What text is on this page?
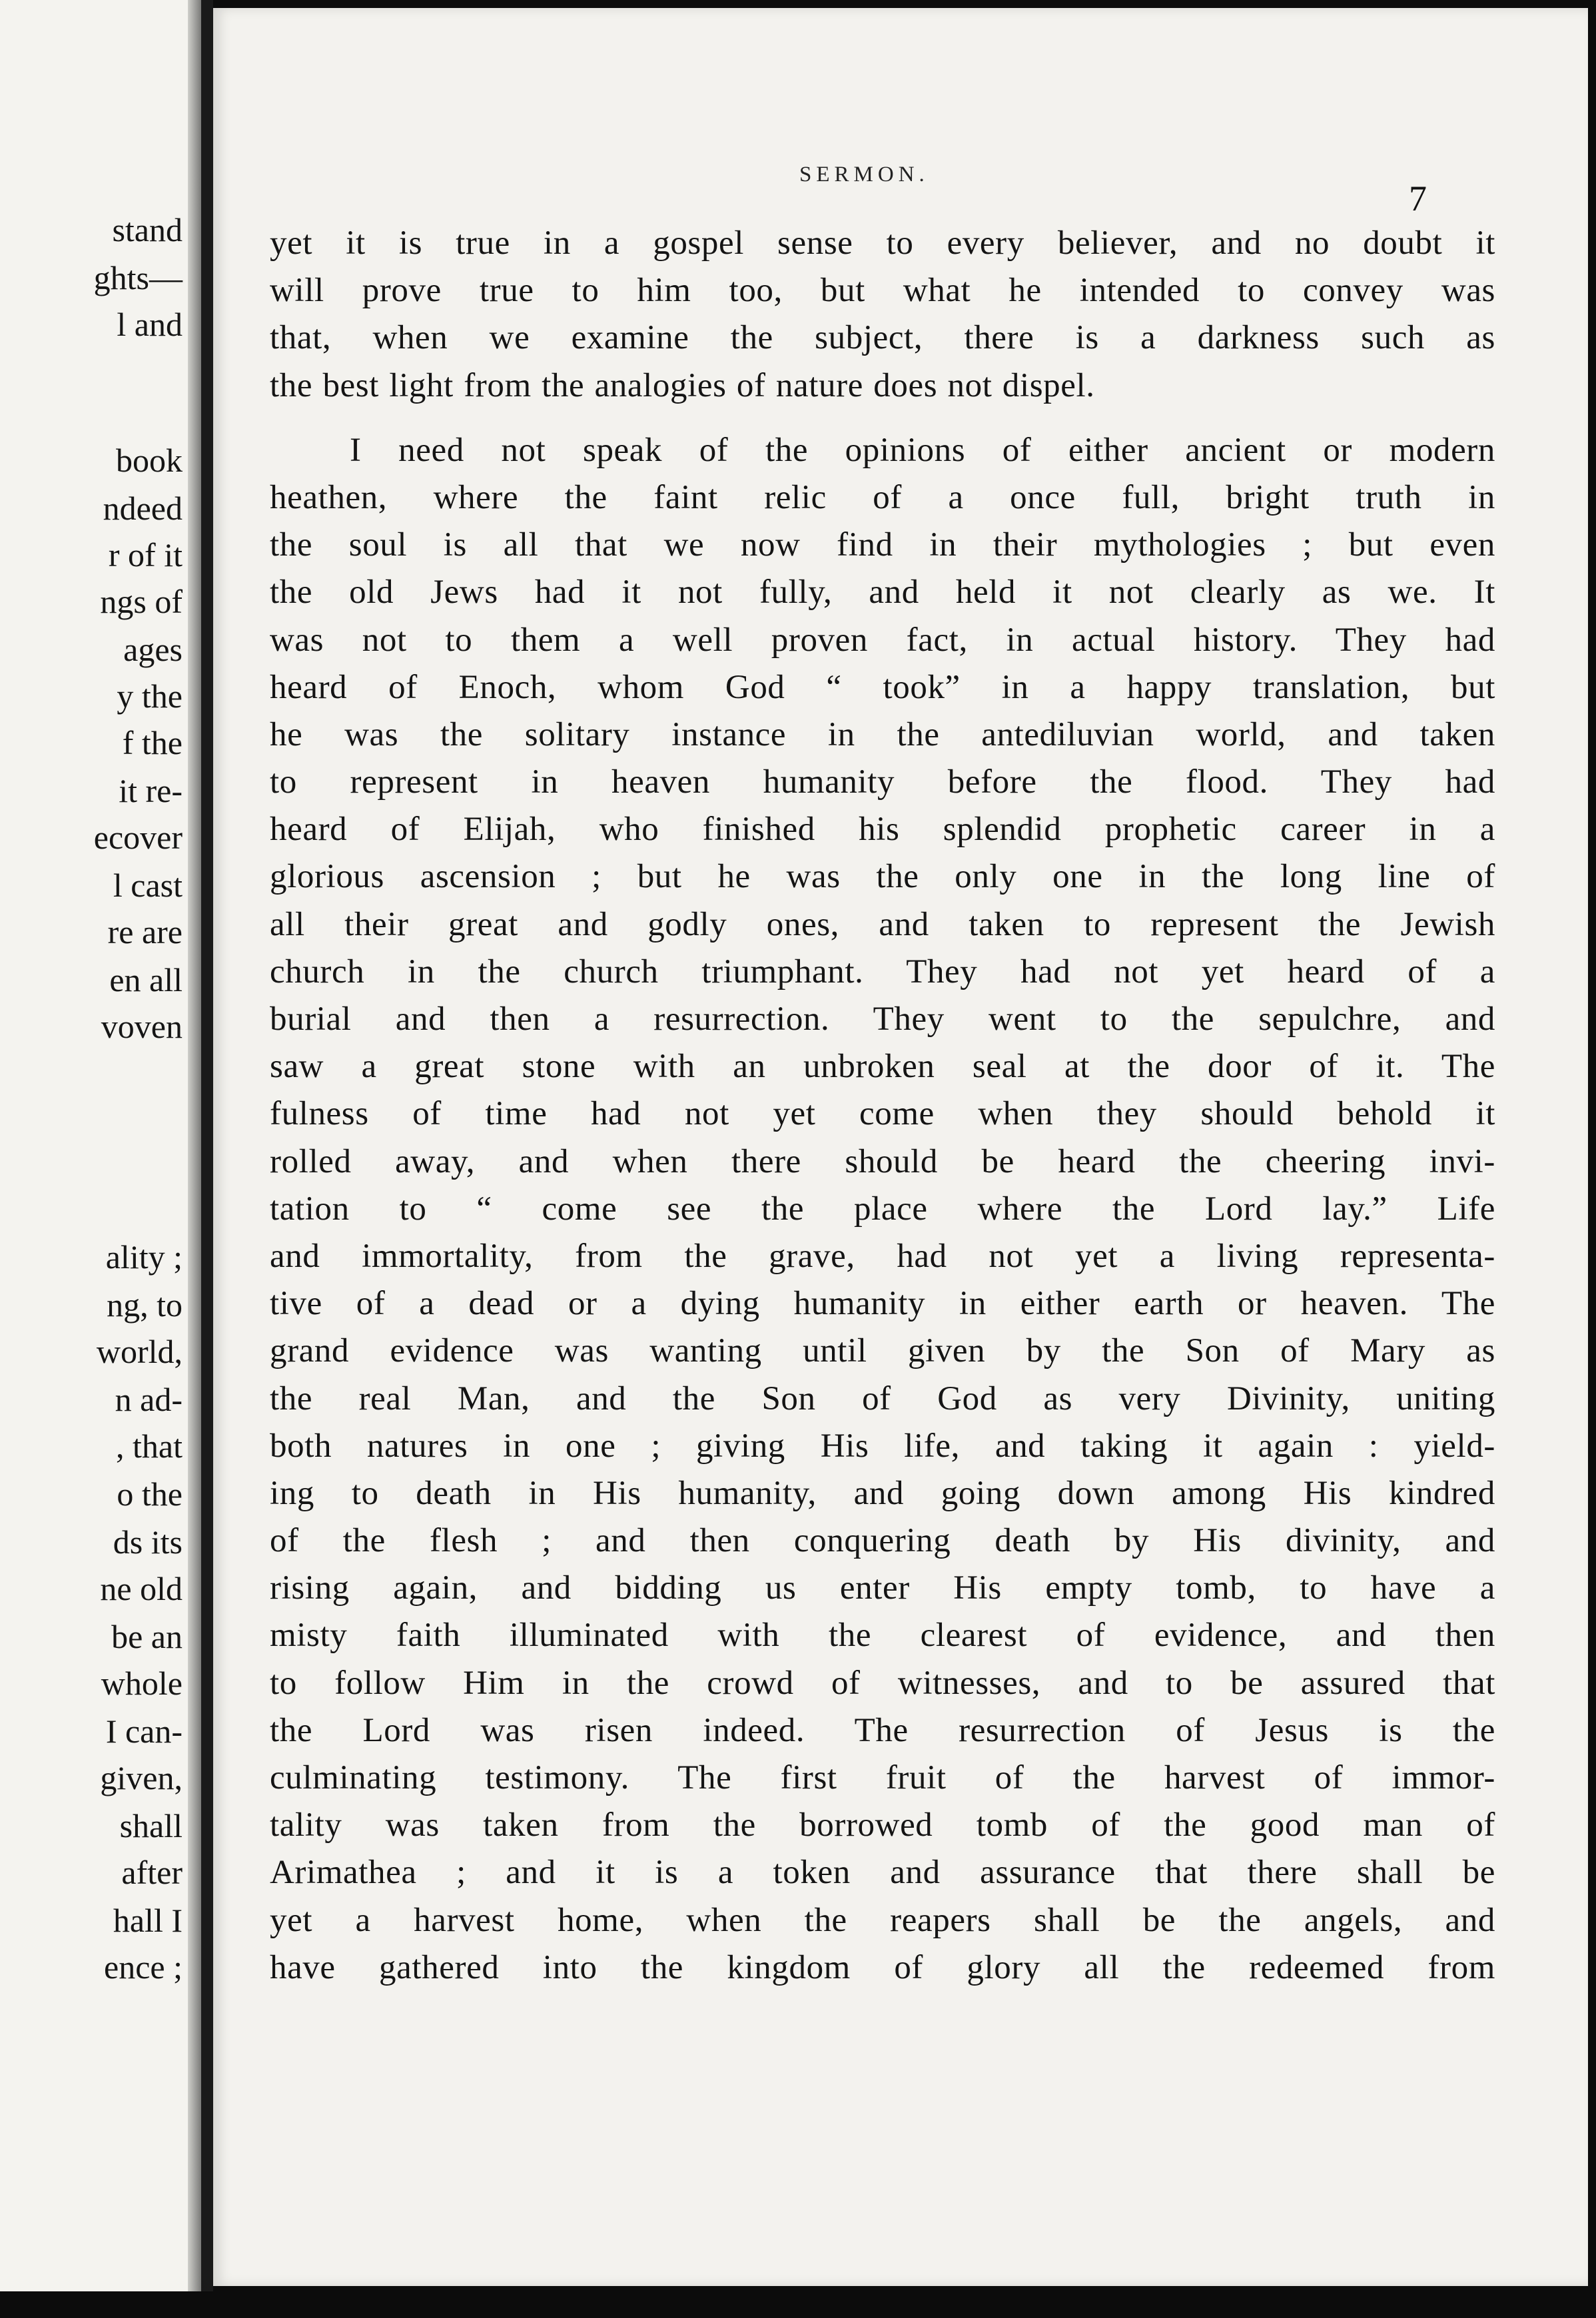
stand
ghts—
l and
book
ndeed
r of it
ngs of
ages
y the
f the
it re-
ecover
l cast
re are
en all
voven
ality ;
ng, to
world,
n ad-
, that
o the
ds its
ne old
be an
whole
I can-
given,
shall
after
hall I
ence ;
SERMON.
7
yet it is true in a gospel sense to every believer, and no doubt it
will prove true to him too, but what he intended to convey was
that, when we examine the subject, there is a darkness such as
the best light from the analogies of nature does not dispel.
I need not speak of the opinions of either ancient or modern
heathen, where the faint relic of a once full, bright truth in
the soul is all that we now find in their mythologies ; but even
the old Jews had it not fully, and held it not clearly as we. It
was not to them a well proven fact, in actual history. They had
heard of Enoch, whom God “ took” in a happy translation, but
he was the solitary instance in the antediluvian world, and taken
to represent in heaven humanity before the flood. They had
heard of Elijah, who finished his splendid prophetic career in a
glorious ascension ; but he was the only one in the long line of
all their great and godly ones, and taken to represent the Jewish
church in the church triumphant. They had not yet heard of a
burial and then a resurrection. They went to the sepulchre, and
saw a great stone with an unbroken seal at the door of it. The
fulness of time had not yet come when they should behold it
rolled away, and when there should be heard the cheering invi-
tation to “ come see the place where the Lord lay.” Life
and immortality, from the grave, had not yet a living representa-
tive of a dead or a dying humanity in either earth or heaven. The
grand evidence was wanting until given by the Son of Mary as
the real Man, and the Son of God as very Divinity, uniting
both natures in one ; giving His life, and taking it again : yield-
ing to death in His humanity, and going down among His kindred
of the flesh ; and then conquering death by His divinity, and
rising again, and bidding us enter His empty tomb, to have a
misty faith illuminated with the clearest of evidence, and then
to follow Him in the crowd of witnesses, and to be assured that
the Lord was risen indeed. The resurrection of Jesus is the
culminating testimony. The first fruit of the harvest of immor-
tality was taken from the borrowed tomb of the good man of
Arimathea ; and it is a token and assurance that there shall be
yet a harvest home, when the reapers shall be the angels, and
have gathered into the kingdom of glory all the redeemed from
